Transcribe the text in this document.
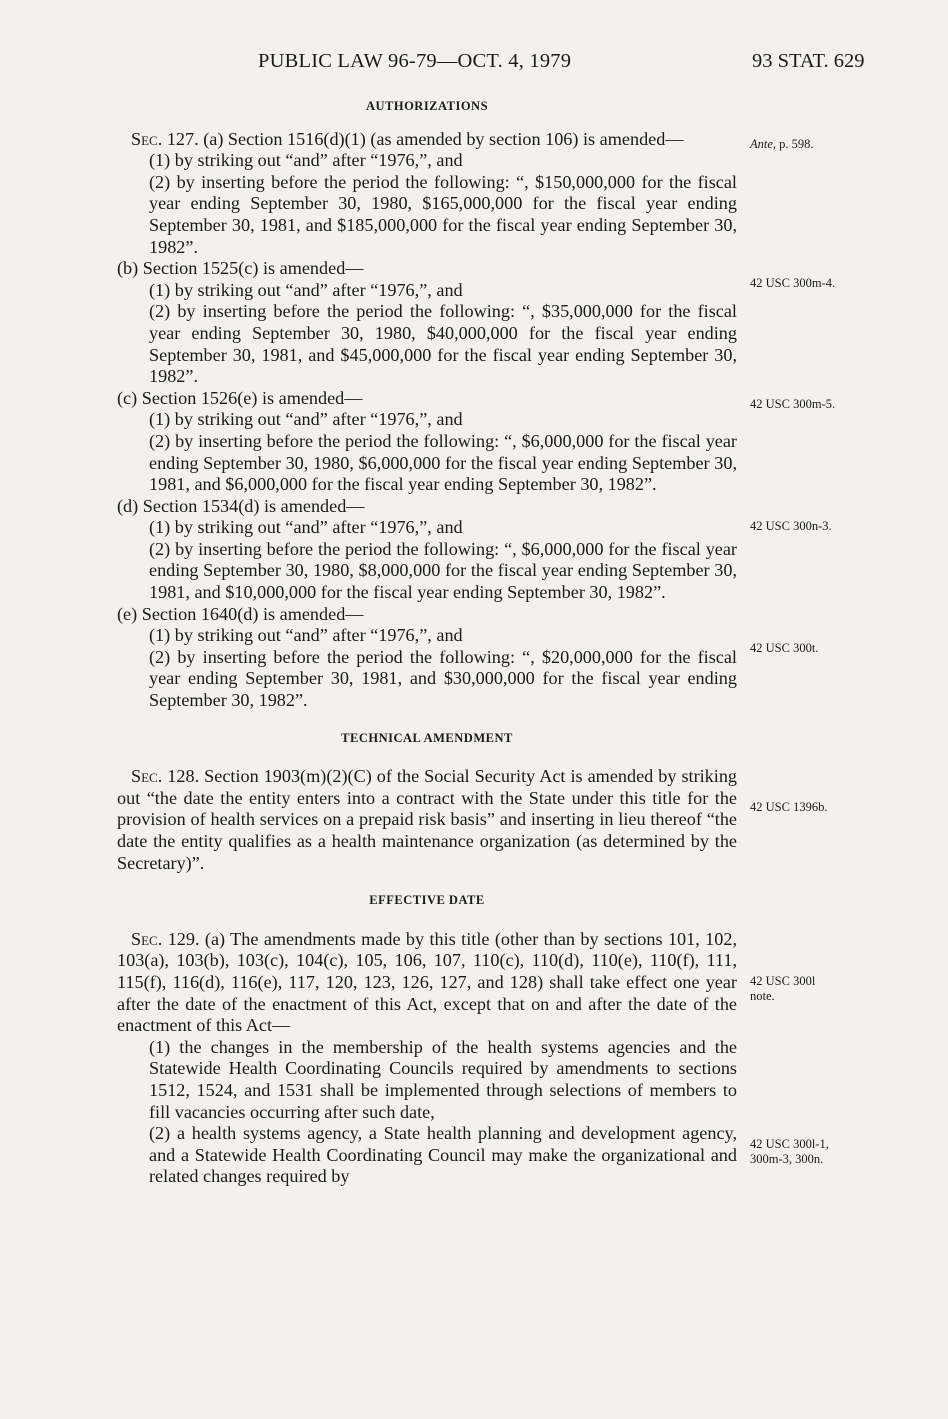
PUBLIC LAW 96-79—OCT. 4, 1979	93 STAT. 629
AUTHORIZATIONS

Sec. 127. (a) Section 1516(d)(1) (as amended by section 106) is amended—

(1) by striking out “and” after “1976,”, and

(2) by inserting before the period the following: “, $150,000,000 for the fiscal year ending September 30, 1980, $165,000,000 for the fiscal year ending September 30, 1981, and $185,000,000 for the fiscal year ending September 30, 1982”.

(b) Section 1525(c) is amended—

(1) by striking out “and” after “1976,”, and

(2) by inserting before the period the following: “, $35,000,000 for the fiscal year ending September 30, 1980, $40,000,000 for the fiscal year ending September 30, 1981, and $45,000,000 for the fiscal year ending September 30, 1982”.

(c) Section 1526(e) is amended—

(1) by striking out “and” after “1976,”, and

(2) by inserting before the period the following: “, $6,000,000 for the fiscal year ending September 30, 1980, $6,000,000 for the fiscal year ending September 30, 1981, and $6,000,000 for the fiscal year ending September 30, 1982”.

(d) Section 1534(d) is amended—

(1) by striking out “and” after “1976,”, and

(2) by inserting before the period the following: “, $6,000,000 for the fiscal year ending September 30, 1980, $8,000,000 for the fiscal year ending September 30, 1981, and $10,000,000 for the fiscal year ending September 30, 1982”.

(e) Section 1640(d) is amended—

(1) by striking out “and” after “1976,”, and

(2) by inserting before the period the following: “, $20,000,000 for the fiscal year ending September 30, 1981, and $30,000,000 for the fiscal year ending September 30, 1982”.

TECHNICAL AMENDMENT

Sec. 128. Section 1903(m)(2)(C) of the Social Security Act is amended by striking out “the date the entity enters into a contract with the State under this title for the provision of health services on a prepaid risk basis” and inserting in lieu thereof “the date the entity qualifies as a health maintenance organization (as determined by the Secretary)”.

EFFECTIVE DATE

Sec. 129. (a) The amendments made by this title (other than by sections 101, 102, 103(a), 103(b), 103(c), 104(c), 105, 106, 107, 110(c), 110(d), 110(e), 110(f), 111, 115(f), 116(d), 116(e), 117, 120, 123, 126, 127, and 128) shall take effect one year after the date of the enactment of this Act, except that on and after the date of the enactment of this Act—

(1) the changes in the membership of the health systems agencies and the Statewide Health Coordinating Councils required by amendments to sections 1512, 1524, and 1531 shall be implemented through selections of members to fill vacancies occurring after such date,

(2) a health systems agency, a State health planning and development agency, and a Statewide Health Coordinating Council may make the organizational and related changes required by

Ante, p. 598.
42 USC 300m-4.
42 USC 300m-5.
42 USC 300n-3.
42 USC 300t.
42 USC 1396b.
42 USC 300l
note.
42 USC 300l-1,
300m-3, 300n.
